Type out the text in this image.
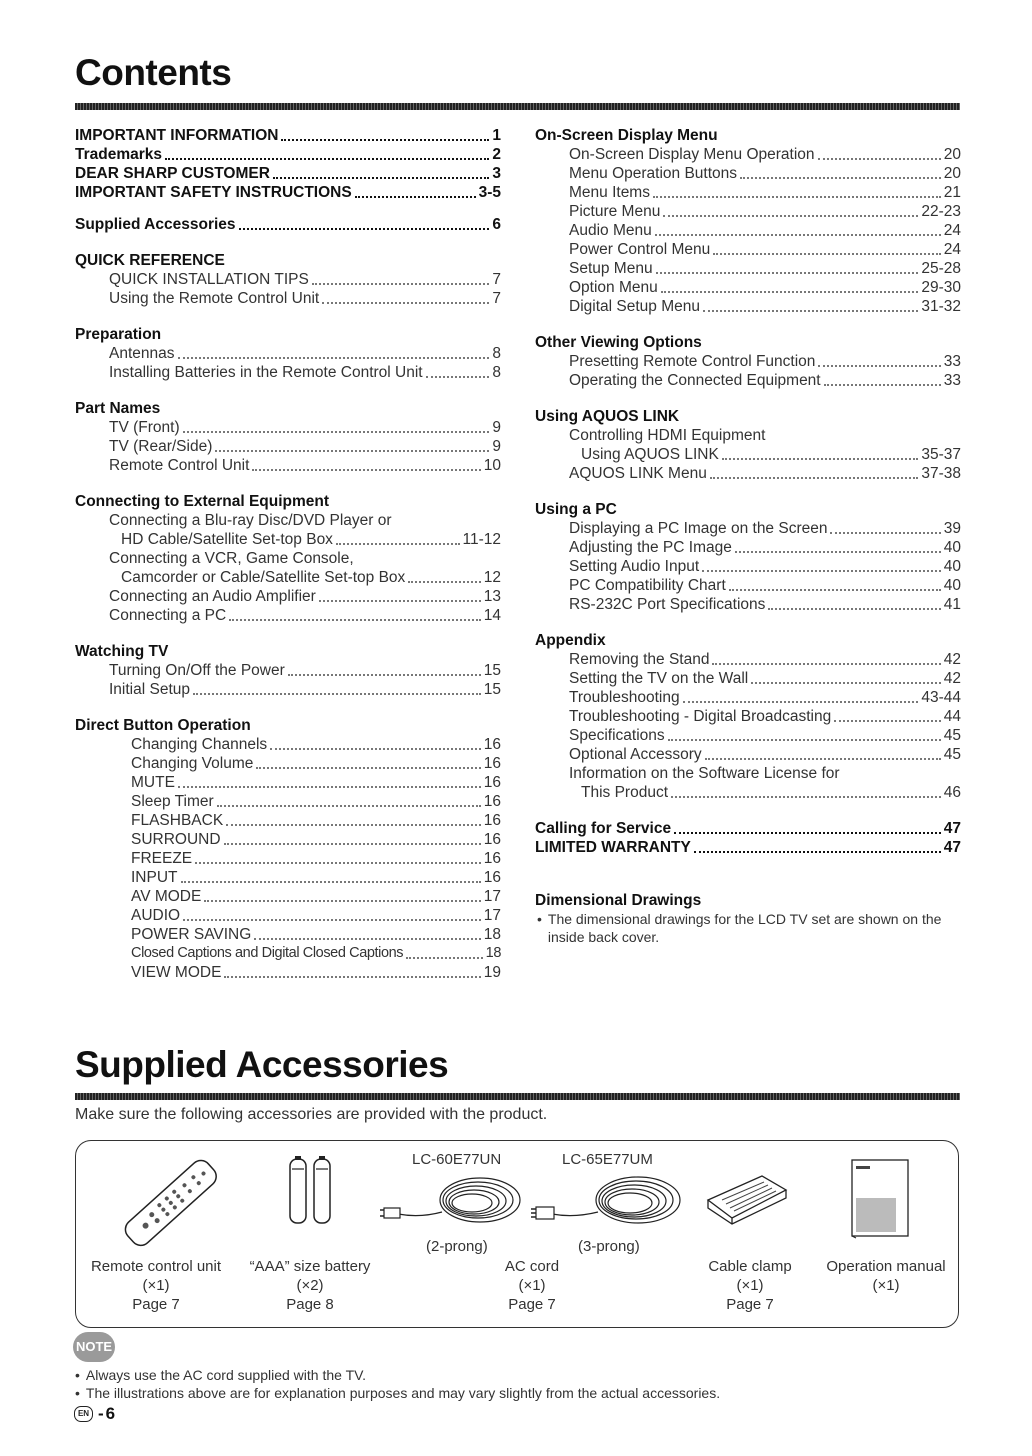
Contents
IMPORTANT INFORMATION	1
Trademarks	2
DEAR SHARP CUSTOMER	3
IMPORTANT SAFETY INSTRUCTIONS	3-5
Supplied Accessories	6
QUICK REFERENCE
QUICK INSTALLATION TIPS	7
Using the Remote Control Unit	7
Preparation
Antennas	8
Installing Batteries in the Remote Control Unit	8
Part Names
TV (Front)	9
TV (Rear/Side)	9
Remote Control Unit	10
Connecting to External Equipment
Connecting a Blu-ray Disc/DVD Player or
HD Cable/Satellite Set-top Box	11-12
Connecting a VCR, Game Console,
Camcorder or Cable/Satellite Set-top Box	12
Connecting an Audio Amplifier	13
Connecting a PC	14
Watching TV
Turning On/Off the Power	15
Initial Setup	15
Direct Button Operation
Changing Channels	16
Changing Volume	16
MUTE	16
Sleep Timer	16
FLASHBACK	16
SURROUND	16
FREEZE	16
INPUT	16
AV MODE	17
AUDIO	17
POWER SAVING	18
Closed Captions and Digital Closed Captions	18
VIEW MODE	19
On-Screen Display Menu
On-Screen Display Menu Operation	20
Menu Operation Buttons	20
Menu Items	21
Picture Menu	22-23
Audio Menu	24
Power Control Menu	24
Setup Menu	25-28
Option Menu	29-30
Digital Setup Menu	31-32
Other Viewing Options
Presetting Remote Control Function	33
Operating the Connected Equipment	33
Using AQUOS LINK
Controlling HDMI Equipment
Using AQUOS LINK	35-37
AQUOS LINK Menu	37-38
Using a PC
Displaying a PC Image on the Screen	39
Adjusting the PC Image	40
Setting Audio Input	40
PC Compatibility Chart	40
RS-232C Port Specifications	41
Appendix
Removing the Stand	42
Setting the TV on the Wall	42
Troubleshooting	43-44
Troubleshooting - Digital Broadcasting	44
Specifications	45
Optional Accessory	45
Information on the Software License for
This Product	46
Calling for Service	47
LIMITED WARRANTY	47
Dimensional Drawings
• The dimensional drawings for the LCD TV set are shown on the inside back cover.
Supplied Accessories
Make sure the following accessories are provided with the product.
LC-60E77UN	LC-65E77UM
(2-prong)	(3-prong)
Remote control unit
(×1)
Page 7
“AAA” size battery
(×2)
Page 8
AC cord
(×1)
Page 7
Cable clamp
(×1)
Page 7
Operation manual
(×1)
NOTE
• Always use the AC cord supplied with the TV.
• The illustrations above are for explanation purposes and may vary slightly from the actual accessories.
EN - 6
